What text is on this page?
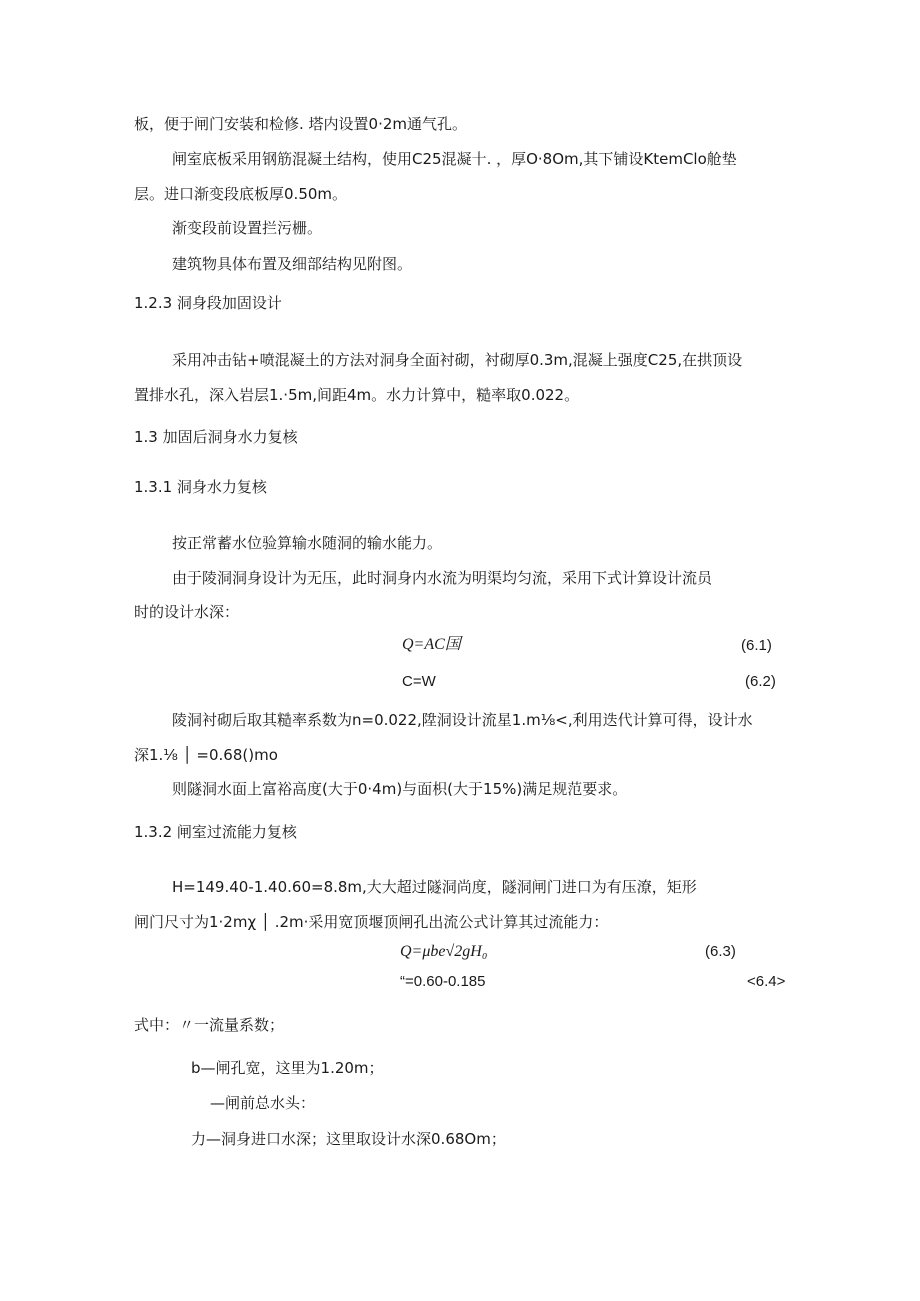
板，便于闸门安装和检修. 塔内设置0·2m通气孔。
闸室底板采用钢筋混凝土结构，使用C25混凝十. ，厚O·8Om,其下铺设KtemClo舱垫
层。进口渐变段底板厚0.50m。
渐变段前设置拦污栅。
建筑物具体布置及细部结构见附图。
1.2.3 洞身段加固设计
采用冲击钻+喷混凝土的方法对洞身全面衬砌，衬砌厚0.3m,混凝上强度C25,在拱顶设
置排水孔，深入岩层1.·5m,间距4m。水力计算中，糙率取0.022。
1.3 加固后洞身水力复核
1.3.1 洞身水力复核
按正常蓄水位验算输水随洞的输水能力。
由于陵洞洞身设计为无压，此时洞身内水流为明渠均匀流，采用下式计算设计流员
时的设计水深：
Q=AC国	(6.1)
C=W	(6.2)
陵洞衬砌后取其糙率系数为n=0.022,陞洞设计流星1.m⅛<,利用迭代计算可得，设计水
深1.⅛ │ =0.68()mo
则隧洞水面上富裕高度(大于0·4m)与面枳(大于15%)满足规范要求。
1.3.2 闸室过流能力复核
H=149.40-1.40.60=8.8m,大大超过隧洞尚度，隧洞闸门进口为有压潦，矩形
闸门尺寸为1·2mχ │ .2m·采用宽顶堰顶闸孔出流公式计算其过流能力：
Q=μbe√2gH₀	(6.3)
“=0.60-0.185	<6.4>
式中：〃一流量系数；
b—闸孔宽，这里为1.20m；
—闸前总水头：
力—洞身进口水深；这里取设计水深0.68Om；
